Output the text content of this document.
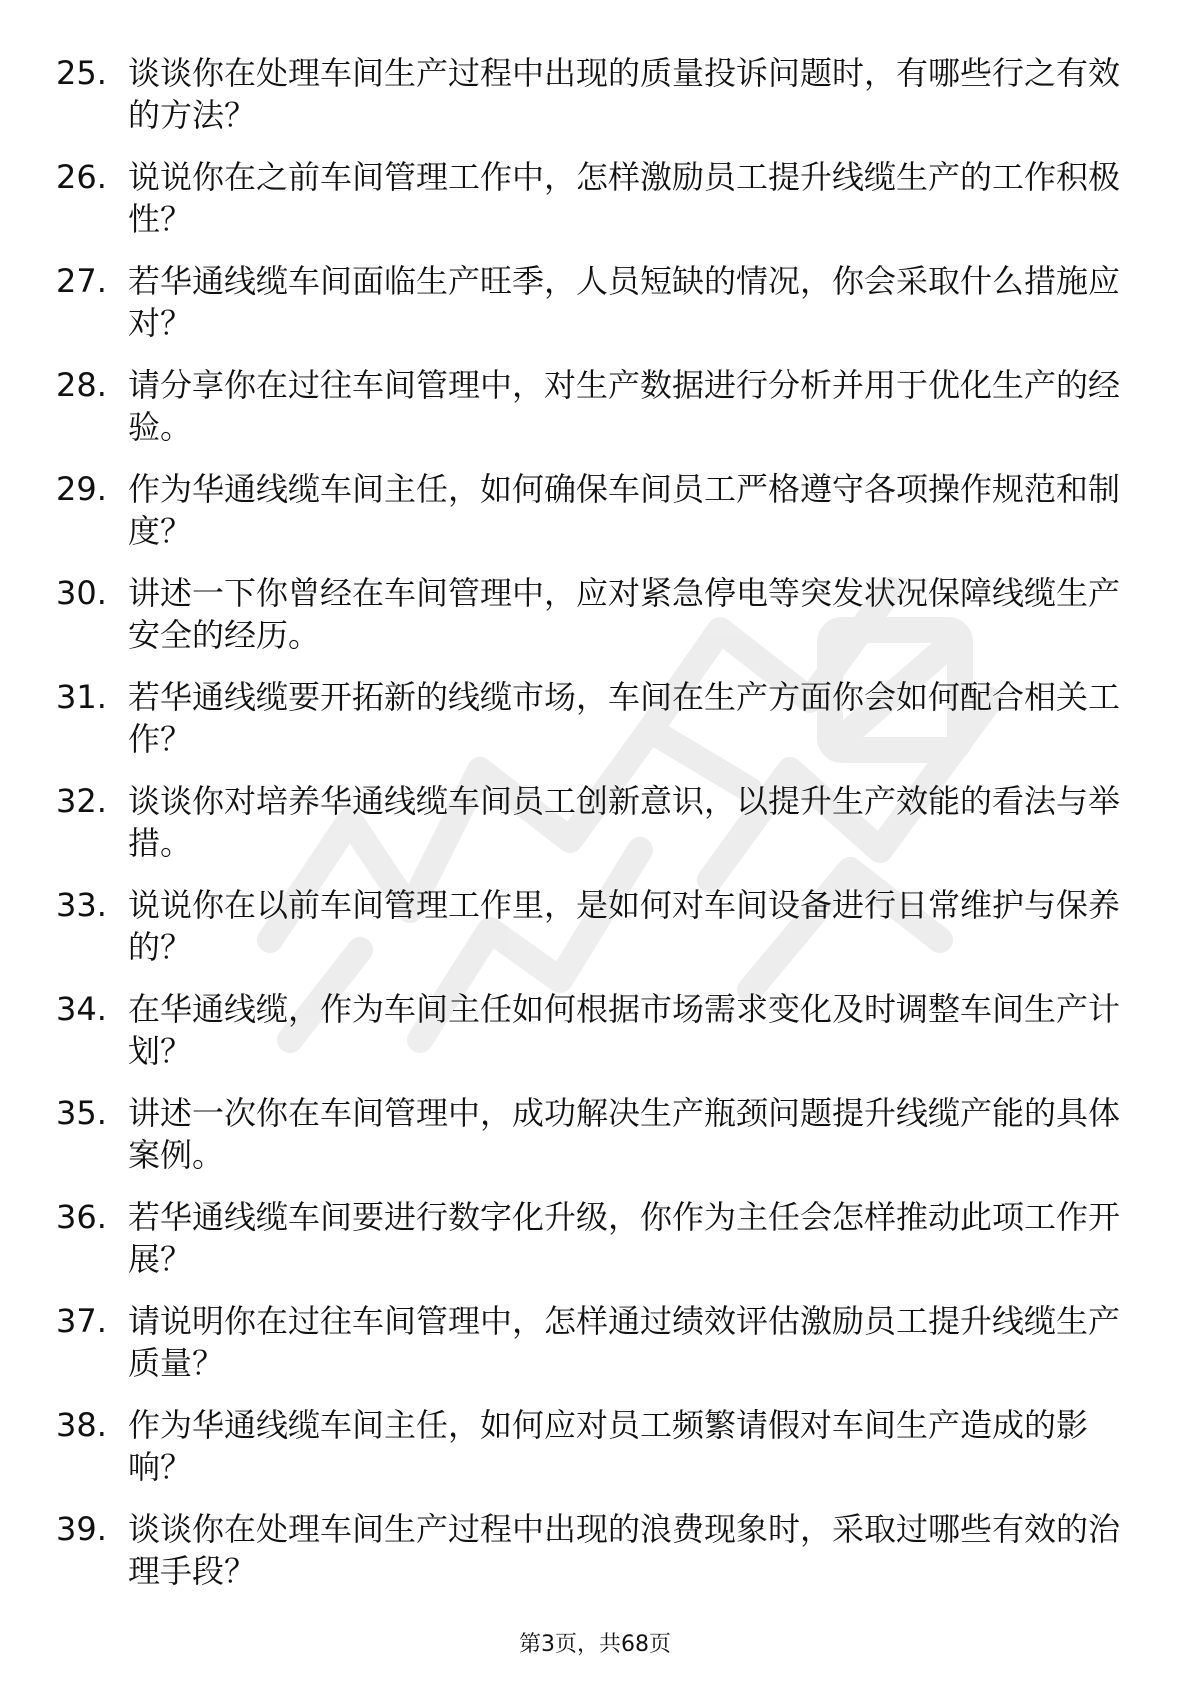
25. 谈谈你在处理车间生产过程中出现的质量投诉问题时，有哪些行之有效的方法？
26. 说说你在之前车间管理工作中，怎样激励员工提升线缆生产的工作积极性？
27. 若华通线缆车间面临生产旺季，人员短缺的情况，你会采取什么措施应对？
28. 请分享你在过往车间管理中，对生产数据进行分析并用于优化生产的经验。
29. 作为华通线缆车间主任，如何确保车间员工严格遵守各项操作规范和制度？
30. 讲述一下你曾经在车间管理中，应对紧急停电等突发状况保障线缆生产安全的经历。
31. 若华通线缆要开拓新的线缆市场，车间在生产方面你会如何配合相关工作？
32. 谈谈你对培养华通线缆车间员工创新意识，以提升生产效能的看法与举措。
33. 说说你在以前车间管理工作里，是如何对车间设备进行日常维护与保养的？
34. 在华通线缆，作为车间主任如何根据市场需求变化及时调整车间生产计划？
35. 讲述一次你在车间管理中，成功解决生产瓶颈问题提升线缆产能的具体案例。
36. 若华通线缆车间要进行数字化升级，你作为主任会怎样推动此项工作开展？
37. 请说明你在过往车间管理中，怎样通过绩效评估激励员工提升线缆生产质量？
38. 作为华通线缆车间主任，如何应对员工频繁请假对车间生产造成的影响？
39. 谈谈你在处理车间生产过程中出现的浪费现象时，采取过哪些有效的治理手段？
第3页，共68页
